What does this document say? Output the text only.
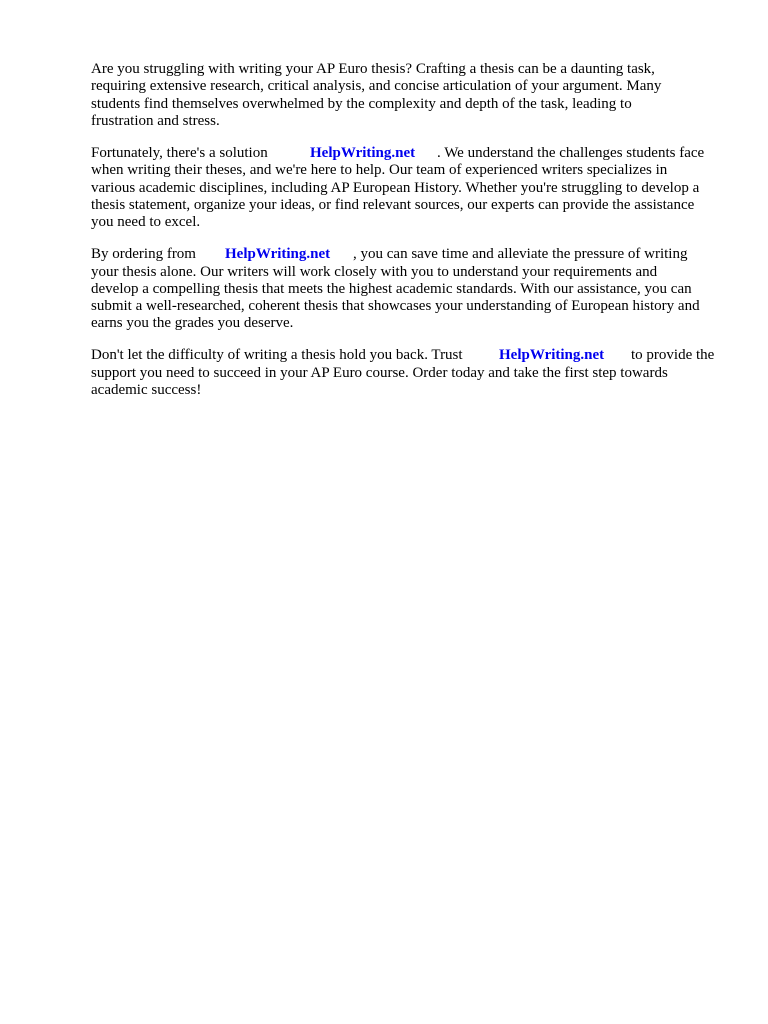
Are you struggling with writing your AP Euro thesis? Crafting a thesis can be a daunting task,
requiring extensive research, critical analysis, and concise articulation of your argument. Many
students find themselves overwhelmed by the complexity and depth of the task, leading to
frustration and stress.
Fortunately, there's a solution	HelpWriting.net . We understand the challenges students face
when writing their theses, and we're here to help. Our team of experienced writers specializes in
various academic disciplines, including AP European History. Whether you're struggling to develop a
thesis statement, organize your ideas, or find relevant sources, our experts can provide the assistance
you need to excel.
By ordering from HelpWriting.net , you can save time and alleviate the pressure of writing
your thesis alone. Our writers will work closely with you to understand your requirements and
develop a compelling thesis that meets the highest academic standards. With our assistance, you can
submit a well-researched, coherent thesis that showcases your understanding of European history and
earns you the grades you deserve.
Don't let the difficulty of writing a thesis hold you back. Trust HelpWriting.net to provide the
support you need to succeed in your AP Euro course. Order today and take the first step towards
academic success!
